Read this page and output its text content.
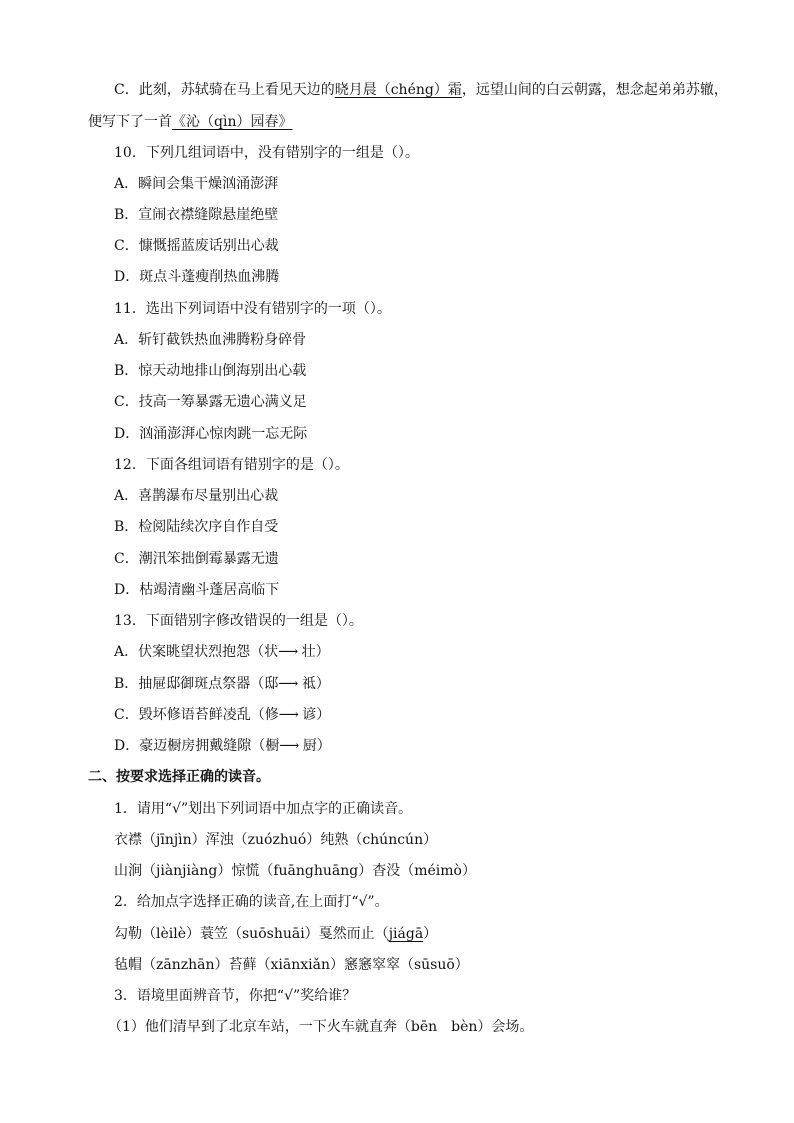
C．此刻，苏轼骑在马上看见天边的晓月晨（chéng）霜，远望山间的白云朝露，想念起弟弟苏辙，
便写下了一首《沁（qìn）园春》
10．下列几组词语中，没有错别字的一组是（）。
A．瞬间会集干燥汹涌澎湃
B．宣闹衣襟缝隙悬崖绝壁
C．慷慨摇蓝废话别出心裁
D．斑点斗蓬瘦削热血沸腾
11．选出下列词语中没有错别字的一项（）。
A．斩钉截铁热血沸腾粉身碎骨
B．惊天动地排山倒海别出心载
C．技高一筹暴露无遗心满义足
D．汹涌澎湃心惊肉跳一忘无际
12．下面各组词语有错别字的是（）。
A．喜鹊瀑布尽量别出心裁
B．检阅陆续次序自作自受
C．潮汛笨拙倒霉暴露无遗
D．枯竭清幽斗蓬居高临下
13．下面错别字修改错误的一组是（）。
A．伏案眺望状烈抱怨（状⟶ 壮）
B．抽屉邸御斑点祭器（邸⟶ 祗）
C．毁坏修语苔鲜凌乱（修⟶ 谚）
D．豪迈橱房拥戴缝隙（橱⟶ 厨）
二、按要求选择正确的读音。
1．请用“√”划出下列词语中加点字的正确读音。
衣襟（jīnjìn）浑浊（zuózhuó）纯熟（chúncún）
山涧（jiànjiàng）惊慌（fuānghuāng）杳没（méimò）
2．给加点字选择正确的读音,在上面打“√”。
勾勒（lèilè）蓑笠（suōshuāi）戛然而止（jiágā）
毡帽（zānzhān）苔藓（xiānxiǎn）窸窸窣窣（sūsuō）
3．语境里面辨音节，你把“√”奖给谁？
（1）他们清早到了北京车站，一下火车就直奔（bēn　bèn）会场。
